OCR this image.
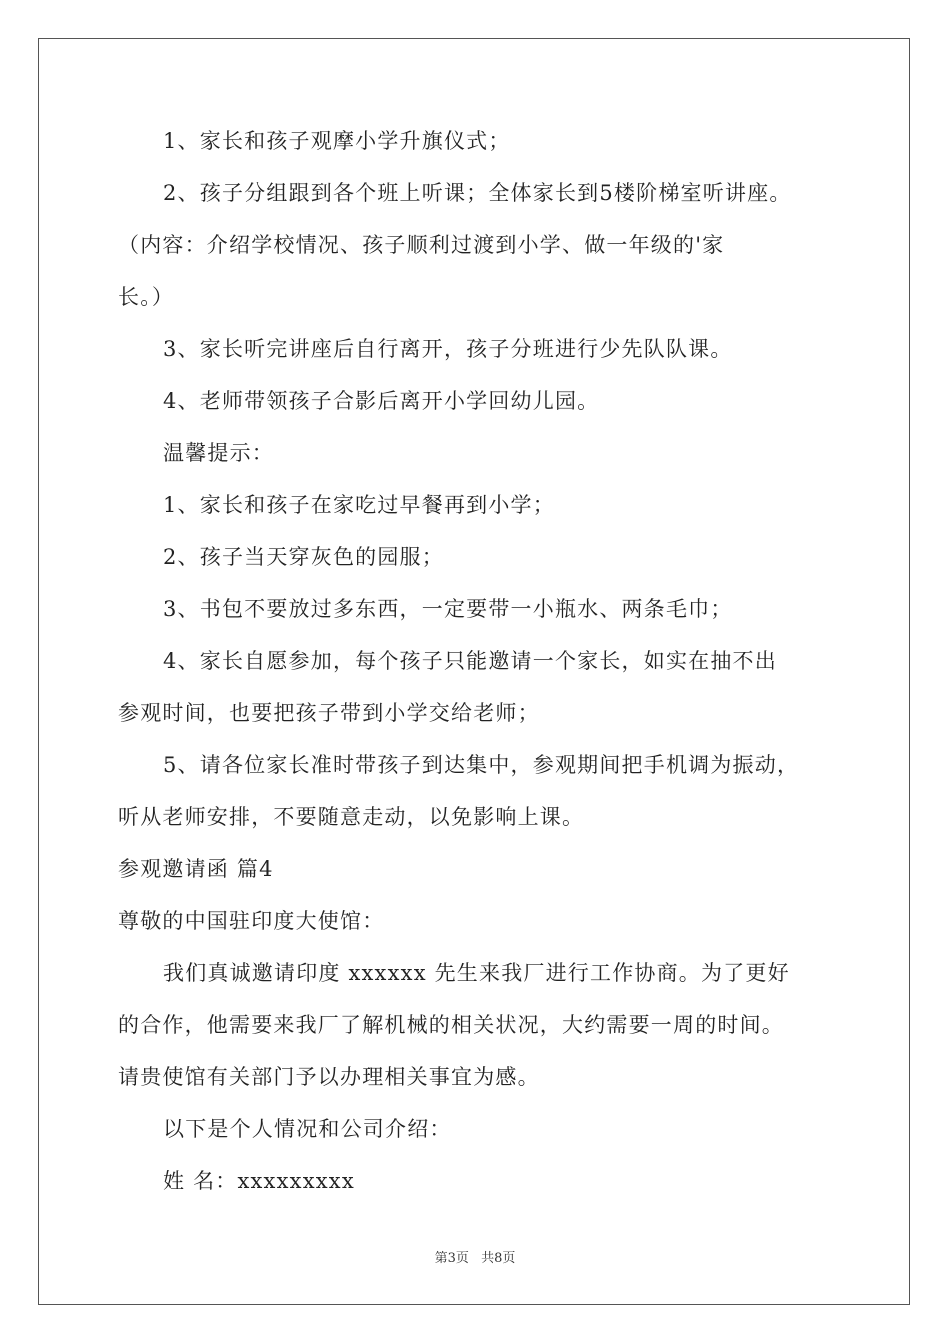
1、家长和孩子观摩小学升旗仪式；
2、孩子分组跟到各个班上听课；全体家长到5楼阶梯室听讲座。
（内容：介绍学校情况、孩子顺利过渡到小学、做一年级的'家
长。）
3、家长听完讲座后自行离开，孩子分班进行少先队队课。
4、老师带领孩子合影后离开小学回幼儿园。
温馨提示：
1、家长和孩子在家吃过早餐再到小学；
2、孩子当天穿灰色的园服；
3、书包不要放过多东西，一定要带一小瓶水、两条毛巾；
4、家长自愿参加，每个孩子只能邀请一个家长，如实在抽不出
参观时间，也要把孩子带到小学交给老师；
5、请各位家长准时带孩子到达集中，参观期间把手机调为振动，
听从老师安排，不要随意走动，以免影响上课。
参观邀请函 篇4
尊敬的中国驻印度大使馆：
我们真诚邀请印度 xxxxxx 先生来我厂进行工作协商。为了更好
的合作，他需要来我厂了解机械的相关状况，大约需要一周的时间。
请贵使馆有关部门予以办理相关事宜为感。
以下是个人情况和公司介绍：
姓 名：xxxxxxxxx
第3页 共8页
